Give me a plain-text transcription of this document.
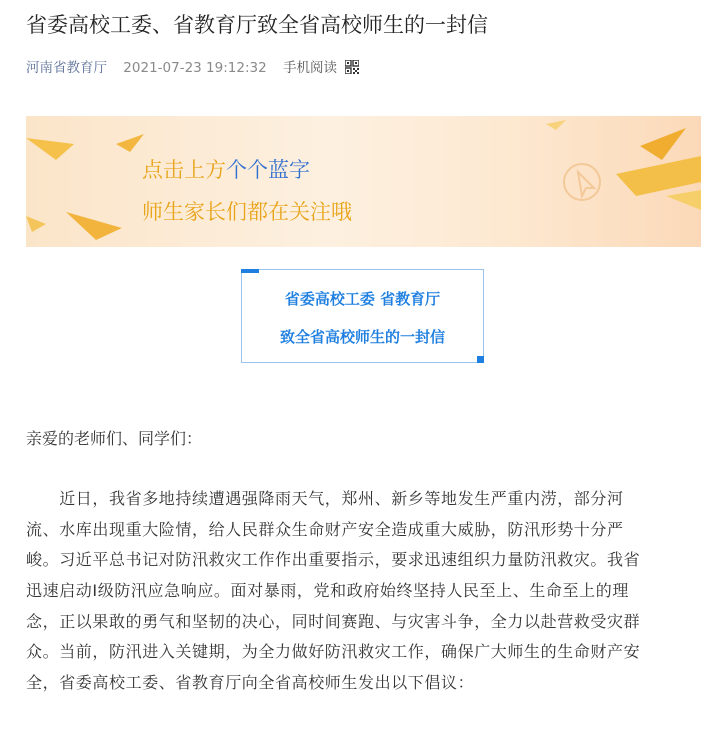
省委高校工委、省教育厅致全省高校师生的一封信
河南省教育厅 2021-07-23 19:12:32 手机阅读
点击上方个个蓝字
师生家长们都在关注哦
省委高校工委 省教育厅
致全省高校师生的一封信
亲爱的老师们、同学们：
　　近日，我省多地持续遭遇强降雨天气，郑州、新乡等地发生严重内涝，部分河
流、水库出现重大险情，给人民群众生命财产安全造成重大威胁，防汛形势十分严
峻。习近平总书记对防汛救灾工作作出重要指示，要求迅速组织力量防汛救灾。我省
迅速启动Ⅰ级防汛应急响应。面对暴雨，党和政府始终坚持人民至上、生命至上的理
念，正以果敢的勇气和坚韧的决心，同时间赛跑、与灾害斗争，全力以赴营救受灾群
众。当前，防汛进入关键期，为全力做好防汛救灾工作，确保广大师生的生命财产安
全，省委高校工委、省教育厅向全省高校师生发出以下倡议：
